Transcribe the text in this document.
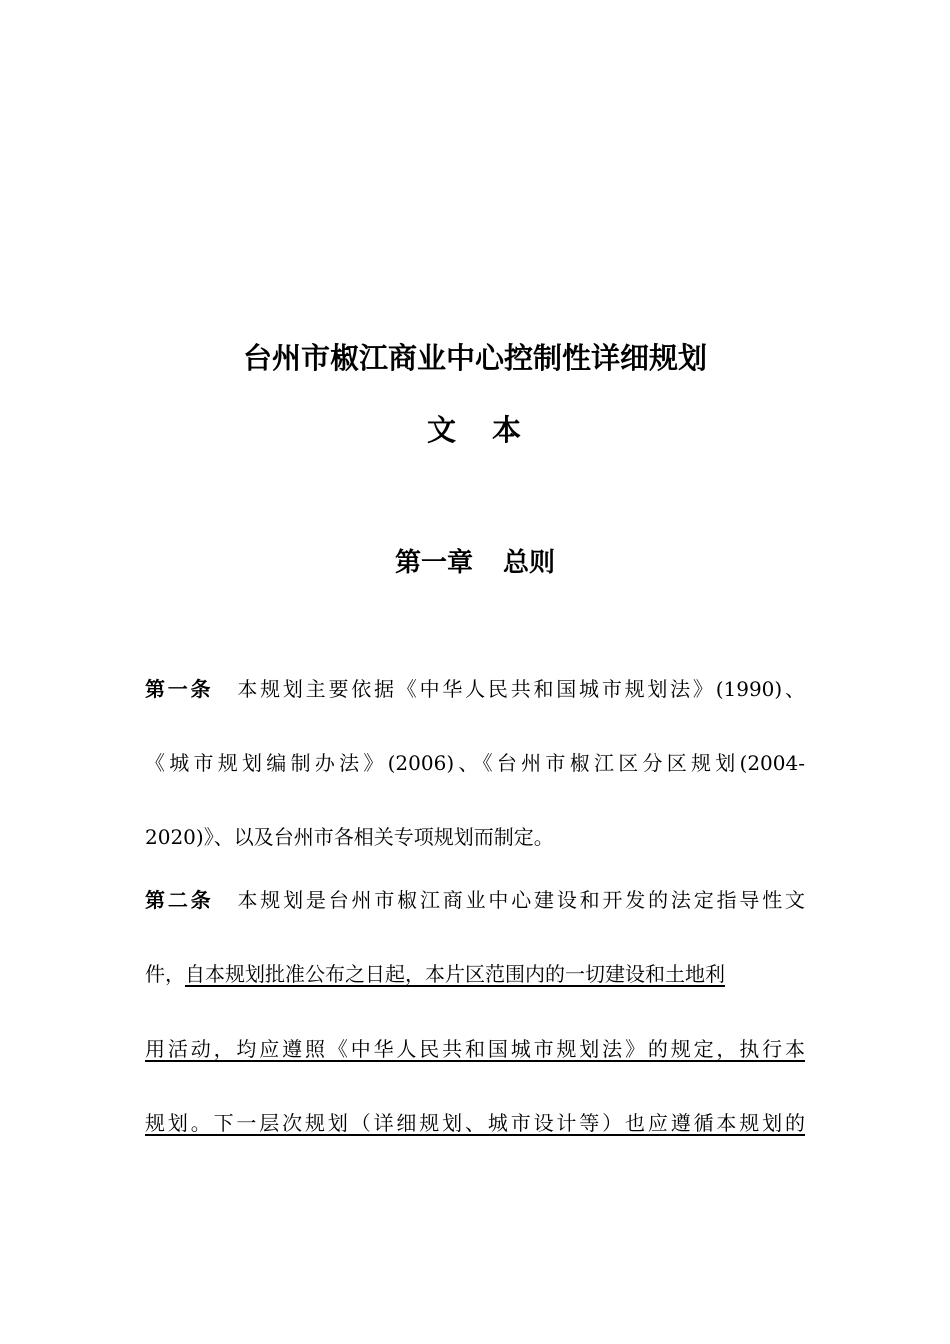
台州市椒江商业中心控制性详细规划
文 本
第一章 总则
第一条 本规划主要依据《中华人民共和国城市规划法》(1990)、
《城市规划编制办法》(2006)、《台州市椒江区分区规划(2004-
2020)》、以及台州市各相关专项规划而制定。
第二条 本规划是台州市椒江商业中心建设和开发的法定指导性文
件，自本规划批准公布之日起，本片区范围内的一切建设和土地利
用活动，均应遵照《中华人民共和国城市规划法》的规定，执行本
规划。下一层次规划（详细规划、城市设计等）也应遵循本规划的
